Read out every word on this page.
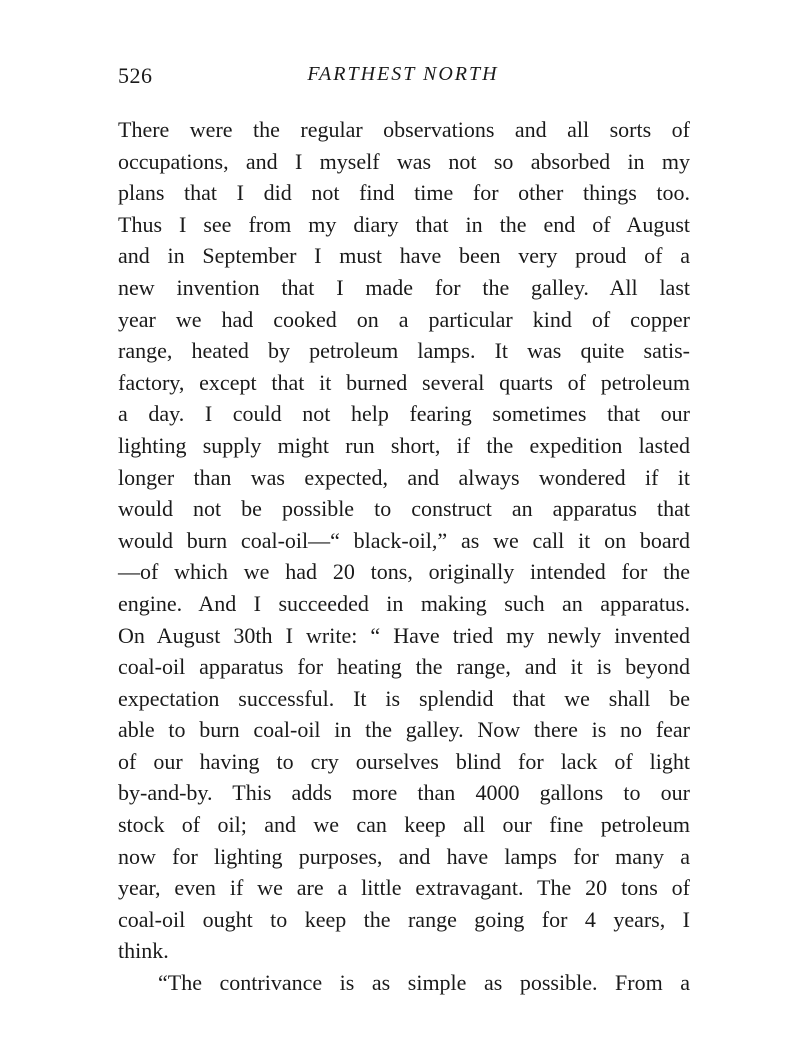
526	FARTHEST NORTH
There were the regular observations and all sorts of
occupations, and I myself was not so absorbed in my
plans that I did not find time for other things too.
Thus I see from my diary that in the end of August
and in September I must have been very proud of a
new invention that I made for the galley. All last
year we had cooked on a particular kind of copper
range, heated by petroleum lamps. It was quite satis-
factory, except that it burned several quarts of petroleum
a day. I could not help fearing sometimes that our
lighting supply might run short, if the expedition lasted
longer than was expected, and always wondered if it
would not be possible to construct an apparatus that
would burn coal-oil—“ black-oil,” as we call it on board
—of which we had 20 tons, originally intended for the
engine. And I succeeded in making such an apparatus.
On August 30th I write: “ Have tried my newly invented
coal-oil apparatus for heating the range, and it is beyond
expectation successful. It is splendid that we shall be
able to burn coal-oil in the galley. Now there is no fear
of our having to cry ourselves blind for lack of light
by-and-by. This adds more than 4000 gallons to our
stock of oil; and we can keep all our fine petroleum
now for lighting purposes, and have lamps for many a
year, even if we are a little extravagant. The 20 tons of
coal-oil ought to keep the range going for 4 years, I
think.
“The contrivance is as simple as possible. From a
